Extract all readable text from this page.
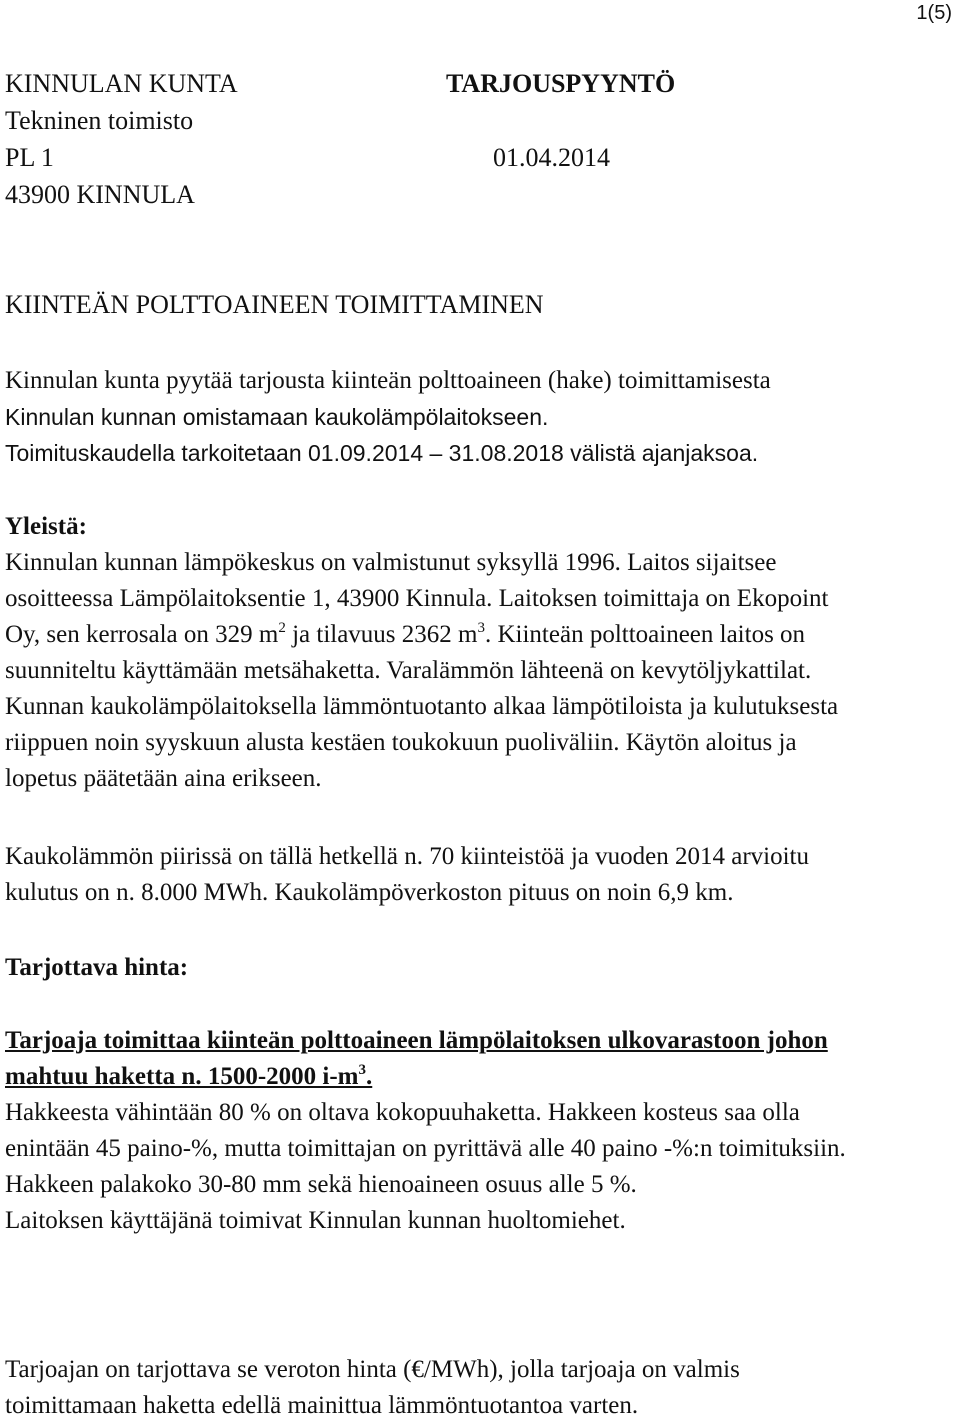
1(5)
KINNULAN KUNTA	TARJOUSPYYNTÖ
Tekninen toimisto
PL 1	01.04.2014
43900 KINNULA
KIINTEÄN POLTTOAINEEN TOIMITTAMINEN
Kinnulan kunta pyytää tarjousta kiinteän polttoaineen (hake) toimittamisesta
Kinnulan kunnan omistamaan kaukolämpölaitokseen.
Toimituskaudella tarkoitetaan 01.09.2014 – 31.08.2018 välistä ajanjaksoa.
Yleistä:
Kinnulan kunnan lämpökeskus on valmistunut syksyllä 1996. Laitos sijaitsee
osoitteessa Lämpölaitoksentie 1, 43900 Kinnula. Laitoksen toimittaja on Ekopoint
Oy, sen kerrosala on 329 $m^2$ ja tilavuus 2362 $m^3$. Kiinteän polttoaineen laitos on
suunniteltu käyttämään metsähaketta. Varalämmön lähteenä on kevytöljykattilat.
Kunnan kaukolämpölaitoksella lämmöntuotanto alkaa lämpötiloista ja kulutuksesta
riippuen noin syyskuun alusta kestäen toukokuun puoliväliin. Käytön aloitus ja
lopetus päätetään aina erikseen.
Kaukolämmön piirissä on tällä hetkellä n. 70 kiinteistöä ja vuoden 2014 arvioitu
kulutus on n. 8.000 MWh. Kaukolämpöverkoston pituus on noin 6,9 km.
Tarjottava hinta:
Tarjoaja toimittaa kiinteän polttoaineen lämpölaitoksen ulkovarastoon johon
mahtuu haketta n. 1500-2000 $i-m^3$.
Hakkeesta vähintään 80 % on oltava kokopuuhaketta. Hakkeen kosteus saa olla
enintään 45 paino-%, mutta toimittajan on pyrittävä alle 40 paino -%:n toimituksiin.
Hakkeen palakoko 30-80 mm sekä hienoaineen osuus alle 5 %.
Laitoksen käyttäjänä toimivat Kinnulan kunnan huoltomiehet.
Tarjoajan on tarjottava se veroton hinta (€/MWh), jolla tarjoaja on valmis
toimittamaan haketta edellä mainittua lämmöntuotantoa varten.
